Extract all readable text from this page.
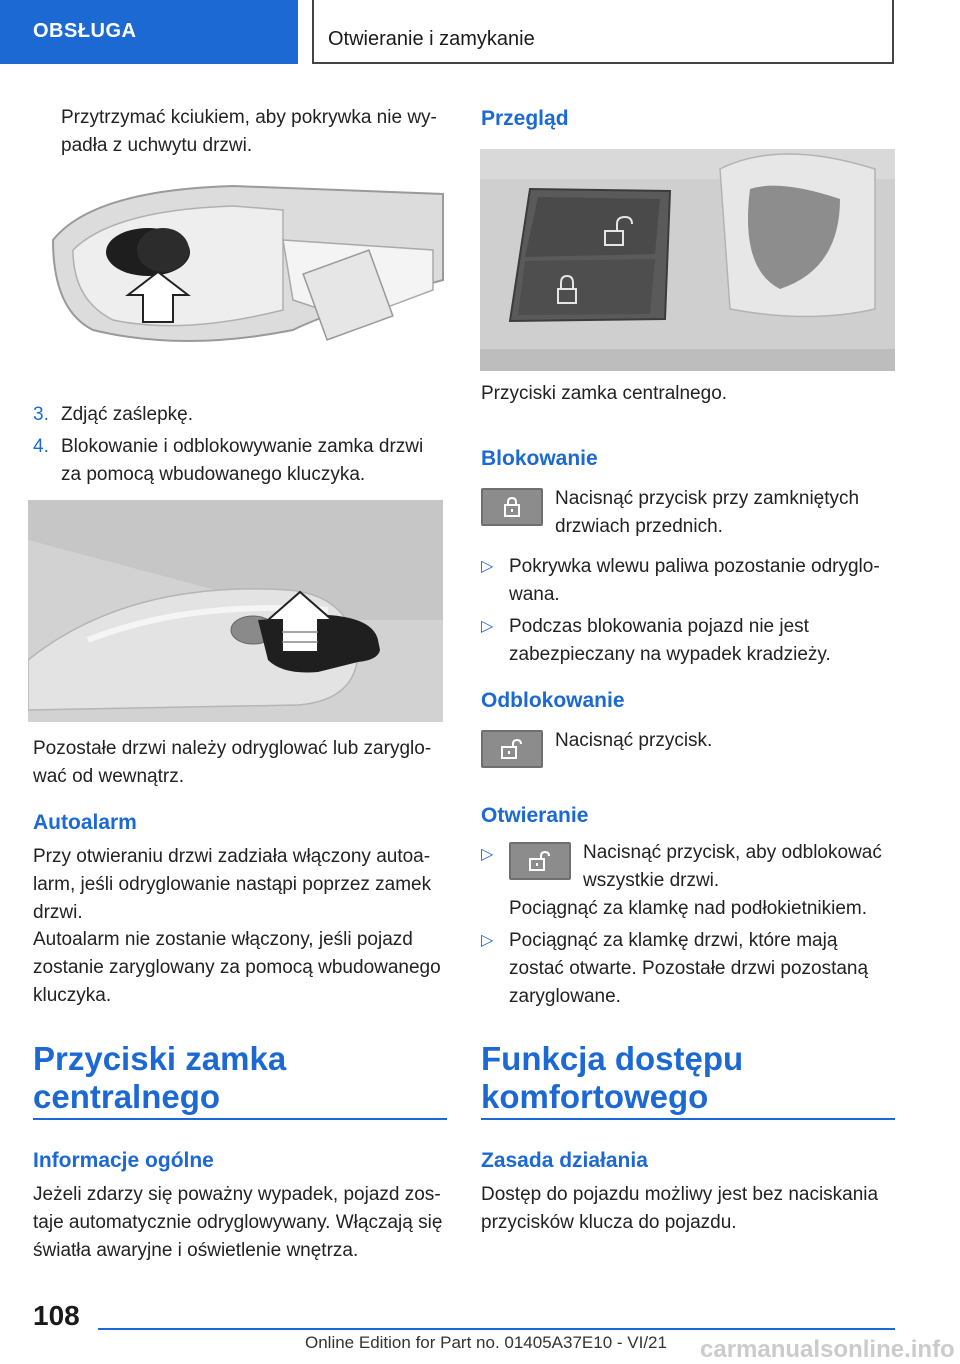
OBSŁUGA	Otwieranie i zamykanie

Przytrzymać kciukiem, aby pokrywka nie wypadła z uchwytu drzwi.

3. Zdjąć zaślepkę.
4. Blokowanie i odblokowywanie zamka drzwi za pomocą wbudowanego kluczyka.

Pozostałe drzwi należy odryglować lub zaryglować od wewnątrz.

Autoalarm

Przy otwieraniu drzwi zadziała włączony autoalarm, jeśli odryglowanie nastąpi poprzez zamek drzwi.

Autoalarm nie zostanie włączony, jeśli pojazd zostanie zaryglowany za pomocą wbudowanego kluczyka.

Przyciski zamka
centralnego
Informacje ogólne

Jeżeli zdarzy się poważny wypadek, pojazd zostaje automatycznie odryglowywany. Włączają się światła awaryjne i oświetlenie wnętrza.

Przegląd

Przyciski zamka centralnego.

Blokowanie

Nacisnąć przycisk przy zamkniętych drzwiach przednich.

▷ Pokrywka wlewu paliwa pozostanie odryglowana.
▷ Podczas blokowania pojazd nie jest zabezpieczany na wypadek kradzieży.
Odblokowanie

Nacisnąć przycisk.

Otwieranie
▷	Nacisnąć przycisk, aby odblokować wszystkie drzwi.

Pociągnąć za klamkę nad podłokietnikiem.

▷ Pociągnąć za klamkę drzwi, które mają zostać otwarte. Pozostałe drzwi pozostaną zaryglowane.
Funkcja dostępu
komfortowego
Zasada działania

Dostęp do pojazdu możliwy jest bez naciskania przycisków klucza do pojazdu.

108
Online Edition for Part no. 01405A37E10 - VI/21 carmanualsonline.info
